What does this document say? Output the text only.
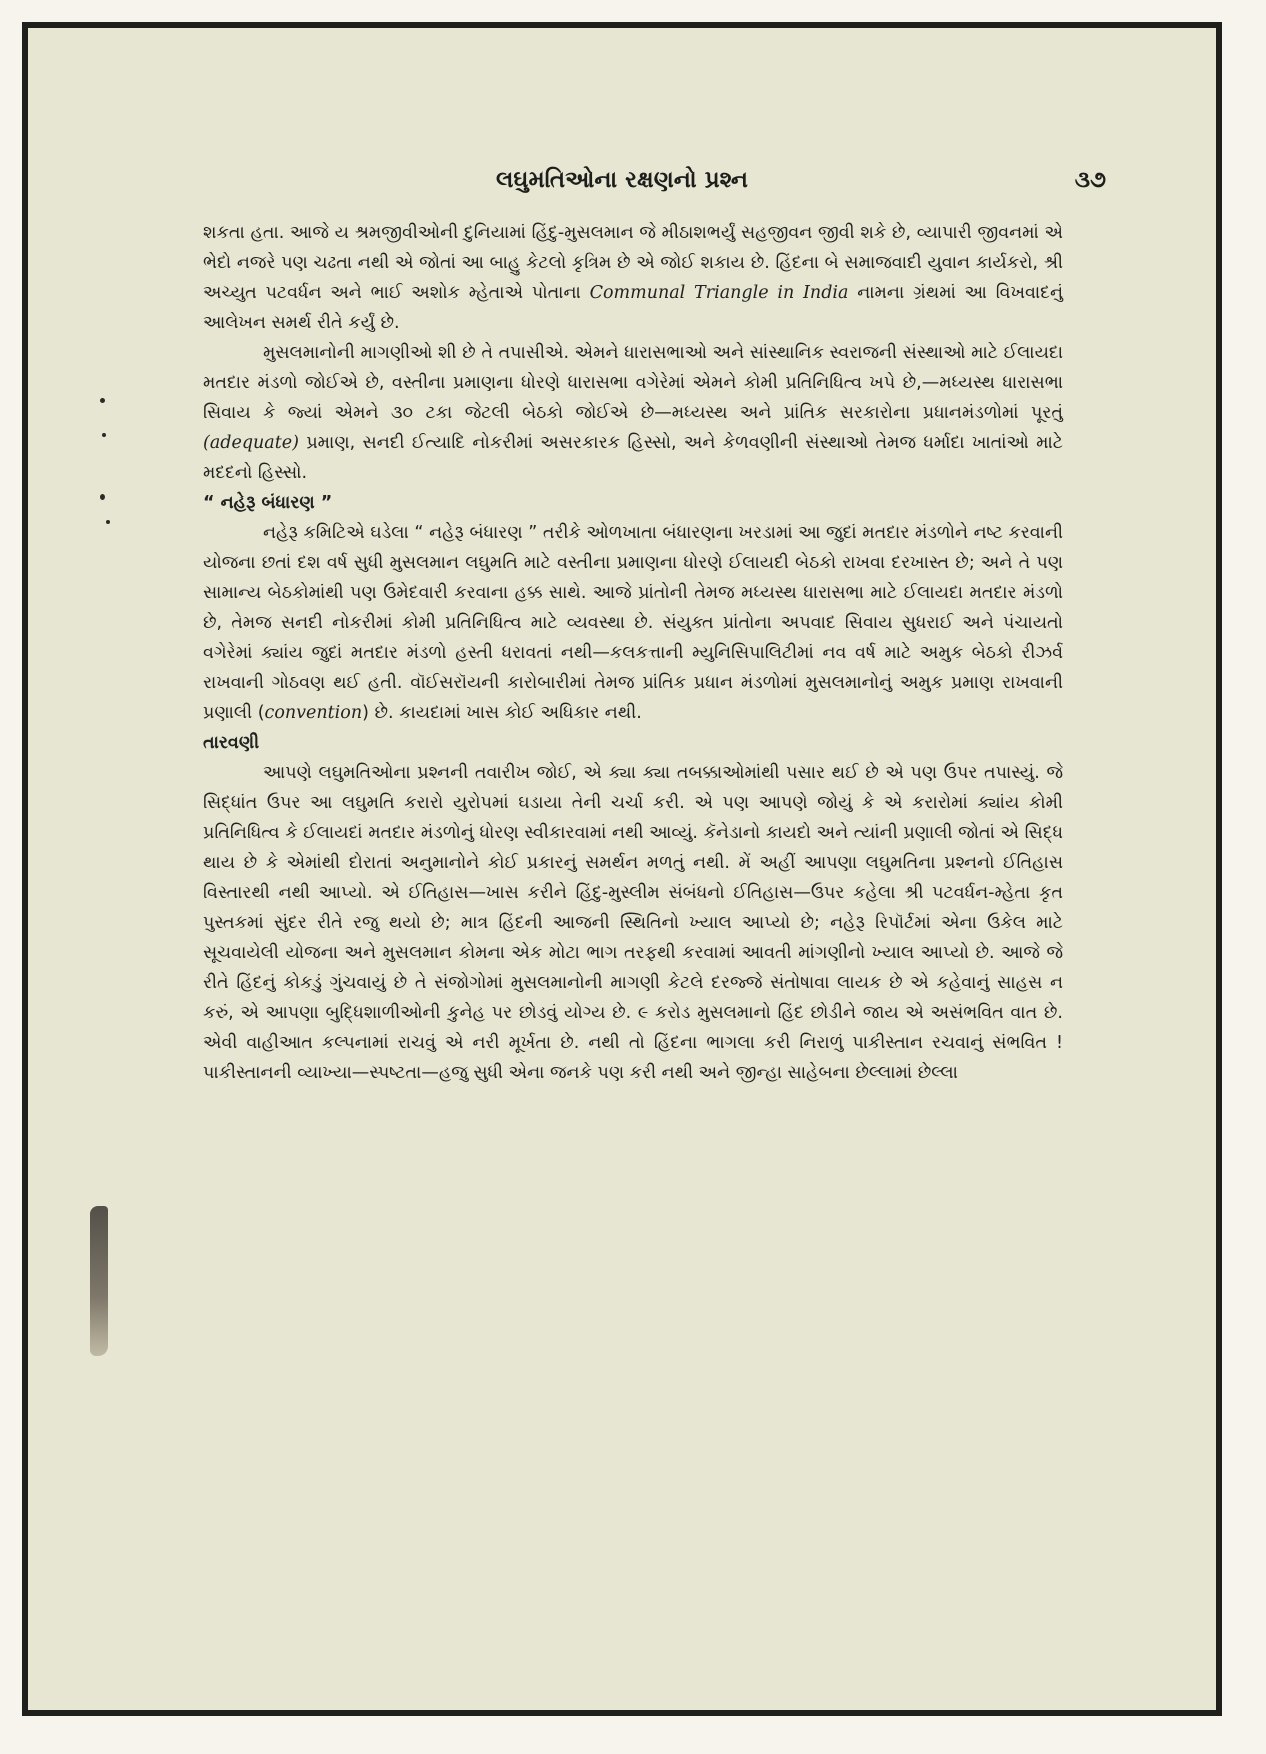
લઘુમતિઓના રક્ષણનો પ્રશ્ન	૩૭

શકતા હતા. આજે ય શ્રમજીવીઓની દુનિયામાં હિંદુ-મુસલમાન જે મીઠાશભર્યું સહજીવન જીવી શકે છે, વ્યાપારી જીવનમાં એ ભેદો નજરે પણ ચઢતા નથી એ જોતાં આ બાહુ કેટલો કૃત્રિમ છે એ જોઈ શકાય છે. હિંદના બે સમાજવાદી યુવાન કાર્યકરો, શ્રી અચ્યુત પટવર્ધન અને ભાઈ અશોક મ્હેતાએ પોતાના Communal Triangle in India નામના ગ્રંથમાં આ વિખવાદનું આલેખન સમર્થ રીતે કર્યું છે.

મુસલમાનોની માગણીઓ શી છે તે તપાસીએ. એમને ધારાસભાઓ અને સાંસ્થાનિક સ્વરાજની સંસ્થાઓ માટે ઈલાયદા મતદાર મંડળો જોઈએ છે, વસ્તીના પ્રમાણના ધોરણે ધારાસભા વગેરેમાં એમને કોમી પ્રતિનિધિત્વ ખપે છે,—મધ્યસ્થ ધારાસભા સિવાય કે જ્યાં એમને ૩૦ ટકા જેટલી બેઠકો જોઈએ છે—મધ્યસ્થ અને પ્રાંતિક સરકારોના પ્રધાનમંડળોમાં પૂરતું (adequate) પ્રમાણ, સનદી ઈત્યાદિ નોકરીમાં અસરકારક હિસ્સો, અને કેળવણીની સંસ્થાઓ તેમજ ધર્માદા ખાતાંઓ માટે મદદનો હિસ્સો.

“ નહેરૂ બંધારણ ”

નહેરૂ કમિટિએ ઘડેલા “ નહેરૂ બંધારણ ” તરીકે ઓળખાતા બંધારણના ખરડામાં આ જુદાં મતદાર મંડળોને નષ્ટ કરવાની યોજના છતાં દશ વર્ષ સુધી મુસલમાન લઘુમતિ માટે વસ્તીના પ્રમાણના ધોરણે ઈલાયદી બેઠકો રાખવા દરખાસ્ત છે; અને તે પણ સામાન્ય બેઠકોમાંથી પણ ઉમેદવારી કરવાના હક્ક સાથે. આજે પ્રાંતોની તેમજ મધ્યસ્થ ધારાસભા માટે ઈલાયદા મતદાર મંડળો છે, તેમજ સનદી નોકરીમાં કોમી પ્રતિનિધિત્વ માટે વ્યવસ્થા છે. સંયુક્ત પ્રાંતોના અપવાદ સિવાય સુધરાઈ અને પંચાયતો વગેરેમાં ક્યાંય જુદાં મતદાર મંડળો હસ્તી ધરાવતાં નથી—કલકત્તાની મ્યુનિસિપાલિટીમાં નવ વર્ષ માટે અમુક બેઠકો રીઝર્વ રાખવાની ગોઠવણ થઈ હતી. વૉઈસરૉયની કારોબારીમાં તેમજ પ્રાંતિક પ્રધાન મંડળોમાં મુસલમાનોનું અમુક પ્રમાણ રાખવાની પ્રણાલી (convention) છે. કાયદામાં ખાસ કોઈ અધિકાર નથી.

તારવણી

આપણે લઘુમતિઓના પ્રશ્નની તવારીખ જોઈ, એ ક્યા ક્યા તબક્કાઓમાંથી પસાર થઈ છે એ પણ ઉપર તપાસ્યું. જે સિદ્ધાંત ઉપર આ લઘુમતિ કરારો યુરોપમાં ઘડાયા તેની ચર્ચા કરી. એ પણ આપણે જોયું કે એ કરારોમાં ક્યાંય કોમી પ્રતિનિધિત્વ કે ઈલાયદાં મતદાર મંડળોનું ધોરણ સ્વીકારવામાં નથી આવ્યું. કૅનેડાનો કાયદો અને ત્યાંની પ્રણાલી જોતાં એ સિદ્ધ થાય છે કે એમાંથી દોરાતાં અનુમાનોને કોઈ પ્રકારનું સમર્થન મળતું નથી. મેં અહીં આપણા લઘુમતિના પ્રશ્નનો ઈતિહાસ વિસ્તારથી નથી આપ્યો. એ ઈતિહાસ—ખાસ કરીને હિંદુ-મુસ્લીમ સંબંધનો ઈતિહાસ—ઉપર કહેલા શ્રી પટવર્ધન-મ્હેતા કૃત પુસ્તકમાં સુંદર રીતે રજુ થયો છે; માત્ર હિંદની આજની સ્થિતિનો ખ્યાલ આપ્યો છે; નહેરૂ રિપૉર્ટમાં એના ઉકેલ માટે સૂચવાયેલી યોજના અને મુસલમાન કોમના એક મોટા ભાગ તરફથી કરવામાં આવતી માંગણીનો ખ્યાલ આપ્યો છે. આજે જે રીતે હિંદનું કોકડું ગુંચવાયું છે તે સંજોગોમાં મુસલમાનોની માગણી કેટલે દરજ્જે સંતોષાવા લાયક છે એ કહેવાનું સાહસ ન કરું, એ આપણા બુદ્ધિશાળીઓની કુનેહ પર છોડવું યોગ્ય છે. ૯ કરોડ મુસલમાનો હિંદ છોડીને જાય એ અસંભવિત વાત છે. એવી વાહીઆત કલ્પનામાં રાચવું એ નરી મૂર્ખતા છે. નથી તો હિંદના ભાગલા કરી નિરાળું પાકીસ્તાન રચવાનું સંભવિત ! પાકીસ્તાનની વ્યાખ્યા—સ્પષ્ટતા—હજુ સુધી એના જનકે પણ કરી નથી અને જીન્હા સાહેબના છેલ્લામાં છેલ્લા
